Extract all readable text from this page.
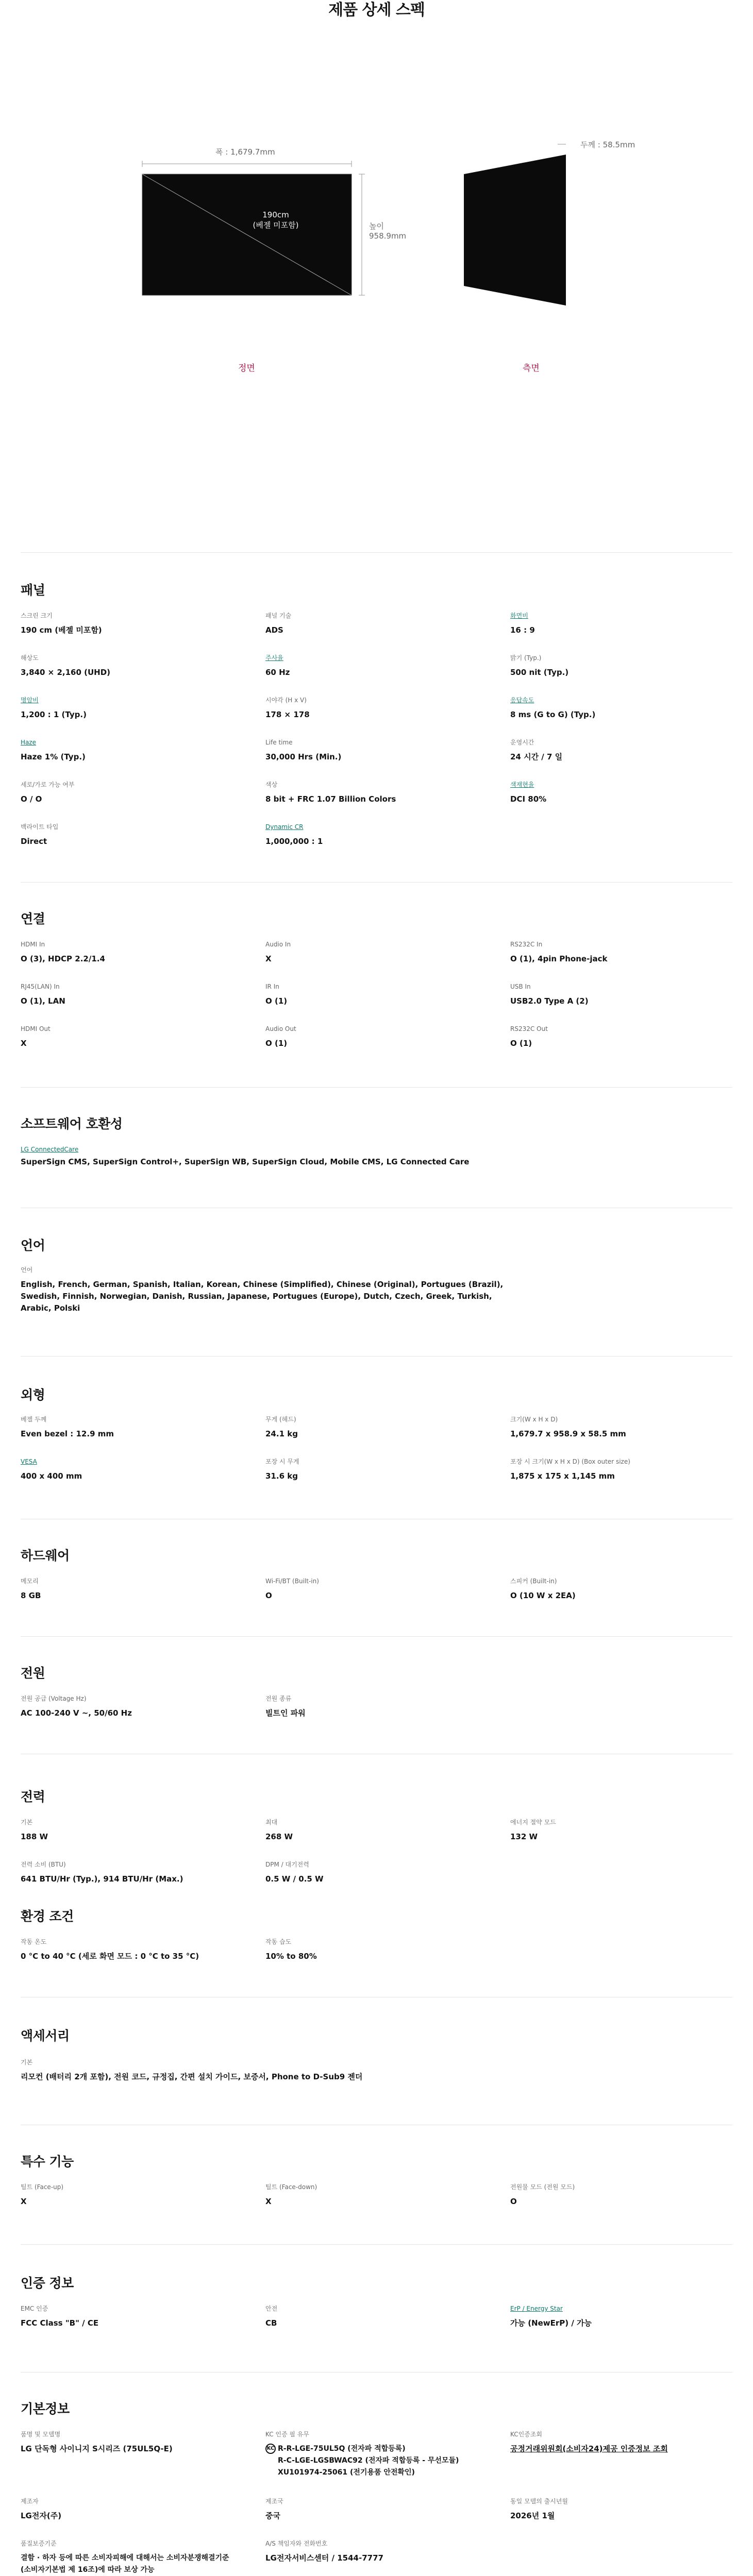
제품 상세 스펙
폭 : 1,679.7mm
190cm
(베젤 미포함)	높이
958.9mm
두께 : 58.5mm
정면	측면
패널
스크린 크기
190 cm (베젤 미포함)
패널 기술
ADS
화면비
16 : 9
해상도
3,840 × 2,160 (UHD)
주사율
60 Hz
밝기 (Typ.)
500 nit (Typ.)
명암비
1,200 : 1 (Typ.)
시야각 (H x V)
178 × 178
응답속도
8 ms (G to G) (Typ.)
Haze
Haze 1% (Typ.)
Life time
30,000 Hrs (Min.)
운영시간
24 시간 / 7 일
세로/가로 가능 여부
O / O
색상
8 bit + FRC 1.07 Billion Colors
색재현율
DCI 80%
백라이트 타입
Direct
Dynamic CR
1,000,000 : 1
연결
HDMI In
O (3), HDCP 2.2/1.4
Audio In
X
RS232C In
O (1), 4pin Phone-jack
RJ45(LAN) In
O (1), LAN
IR In
O (1)
USB In
USB2.0 Type A (2)
HDMI Out
X
Audio Out
O (1)
RS232C Out
O (1)
소프트웨어 호환성
LG ConnectedCare
SuperSign CMS, SuperSign Control+, SuperSign WB, SuperSign Cloud, Mobile CMS, LG Connected Care
언어
언어
English, French, German, Spanish, Italian, Korean, Chinese (Simplified), Chinese (Original), Portugues (Brazil), Swedish, Finnish, Norwegian, Danish, Russian, Japanese, Portugues (Europe), Dutch, Czech, Greek, Turkish, Arabic, Polski
외형
베젤 두께
Even bezel : 12.9 mm
무게 (헤드)
24.1 kg
크기(W x H x D)
1,679.7 x 958.9 x 58.5 mm
VESA
400 x 400 mm
포장 시 무게
31.6 kg
포장 시 크기(W x H x D) (Box outer size)
1,875 x 175 x 1,145 mm
하드웨어
메모리
8 GB
Wi-Fi/BT (Built-in)
O
스피커 (Built-in)
O (10 W x 2EA)
전원
전원 공급 (Voltage Hz)
AC 100-240 V ~, 50/60 Hz
전원 종류
빌트인 파워
전력
기본
188 W
최대
268 W
에너지 절약 모드
132 W
전력 소비 (BTU)
641 BTU/Hr (Typ.), 914 BTU/Hr (Max.)
DPM / 대기전력
0.5 W / 0.5 W
환경 조건
작동 온도
0 °C to 40 °C (세로 화면 모드 : 0 °C to 35 °C)
작동 습도
10% to 80%
액세서리
기본
리모컨 (배터리 2개 포함), 전원 코드, 규정집, 간편 설치 가이드, 보증서, Phone to D-Sub9 젠더
특수 기능
틸트 (Face-up)
X
틸트 (Face-down)
X
전원물 모드 (전원 모드)
O
인증 정보
EMC 인증
FCC Class "B" / CE
안전
CB
ErP / Energy Star
가능 (NewErP) / 가능
기본정보
품명 및 모델명
LG 단독형 사이니지 S시리즈 (75UL5Q-E)
KC 인증 필 유무
KC R-R-LGE-75UL5Q (전자파 적합등록)
R-C-LGE-LGSBWAC92 (전자파 적합등록 - 무선모듈)
XU101974-25061 (전기용품 안전확인)
KC인증조회
공정거래위원회(소비자24)제공 인증정보 조회
제조자
LG전자(주)
제조국
중국
동일 모델의 출시년월
2026년 1월
품질보증기준
결함 · 하자 등에 따른 소비자피해에 대해서는 소비자분쟁해결기준
(소비자기본법 제 16조)에 따라 보상 가능
A/S 책임자와 전화번호
LG전자서비스센터 / 1544-7777
